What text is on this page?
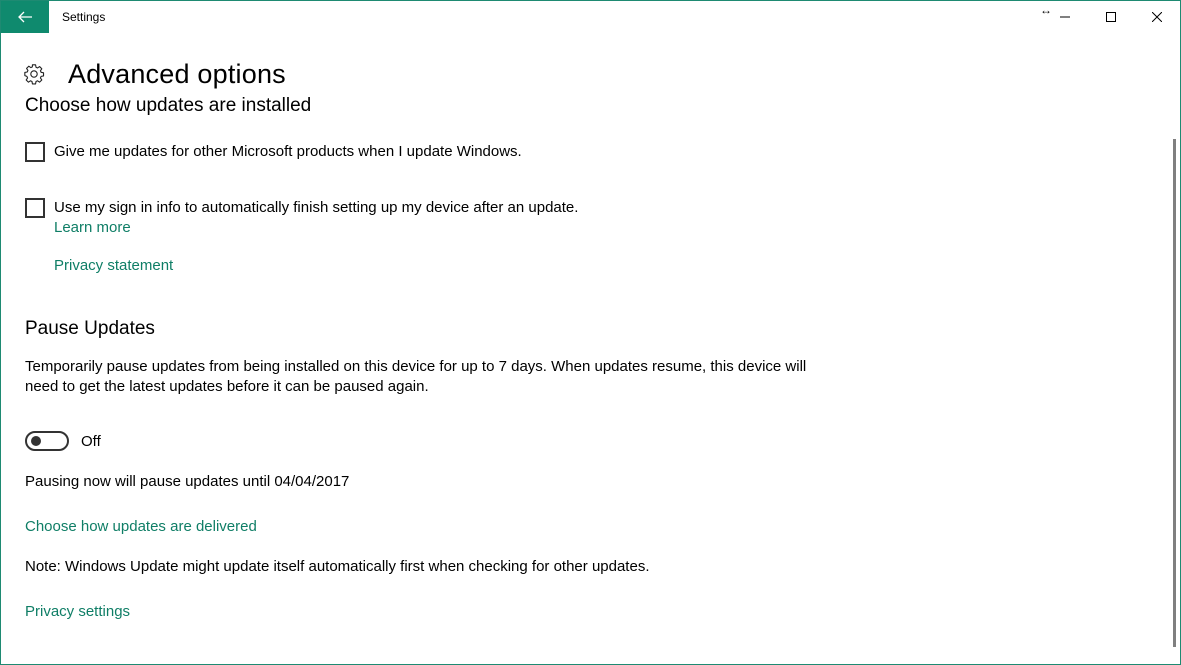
Settings	↔
Advanced options
Choose how updates are installed
Give me updates for other Microsoft products when I update Windows.
Use my sign in info to automatically finish setting up my device after an update.
Learn more
Privacy statement
Pause Updates

Temporarily pause updates from being installed on this device for up to 7 days. When updates resume, this device will need to get the latest updates before it can be paused again.

Off

Pausing now will pause updates until 04/04/2017

Choose how updates are delivered

Note: Windows Update might update itself automatically first when checking for other updates.

Privacy settings
